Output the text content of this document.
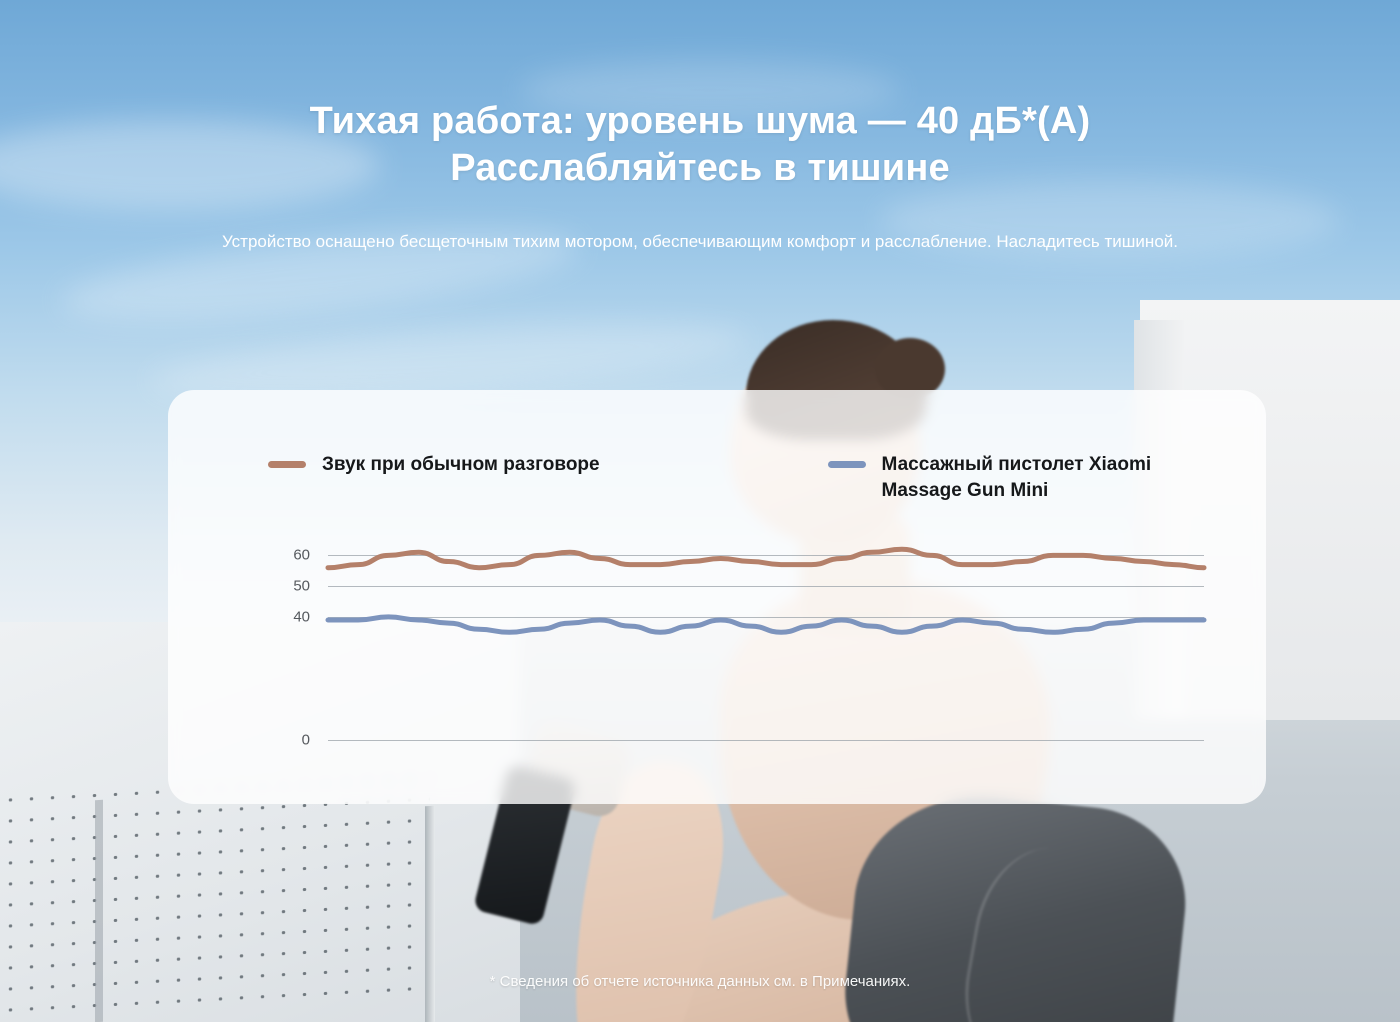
Тихая работа: уровень шума — 40 дБ*(A)
Расслабляйтесь в тишине
Устройство оснащено бесщеточным тихим мотором, обеспечивающим комфорт и расслабление. Насладитесь тишиной.
Звук при обычном разговоре	Массажный пистолет Xiaomi Massage Gun Mini
0
40
50
60
* Сведения об отчете источника данных см. в Примечаниях.
